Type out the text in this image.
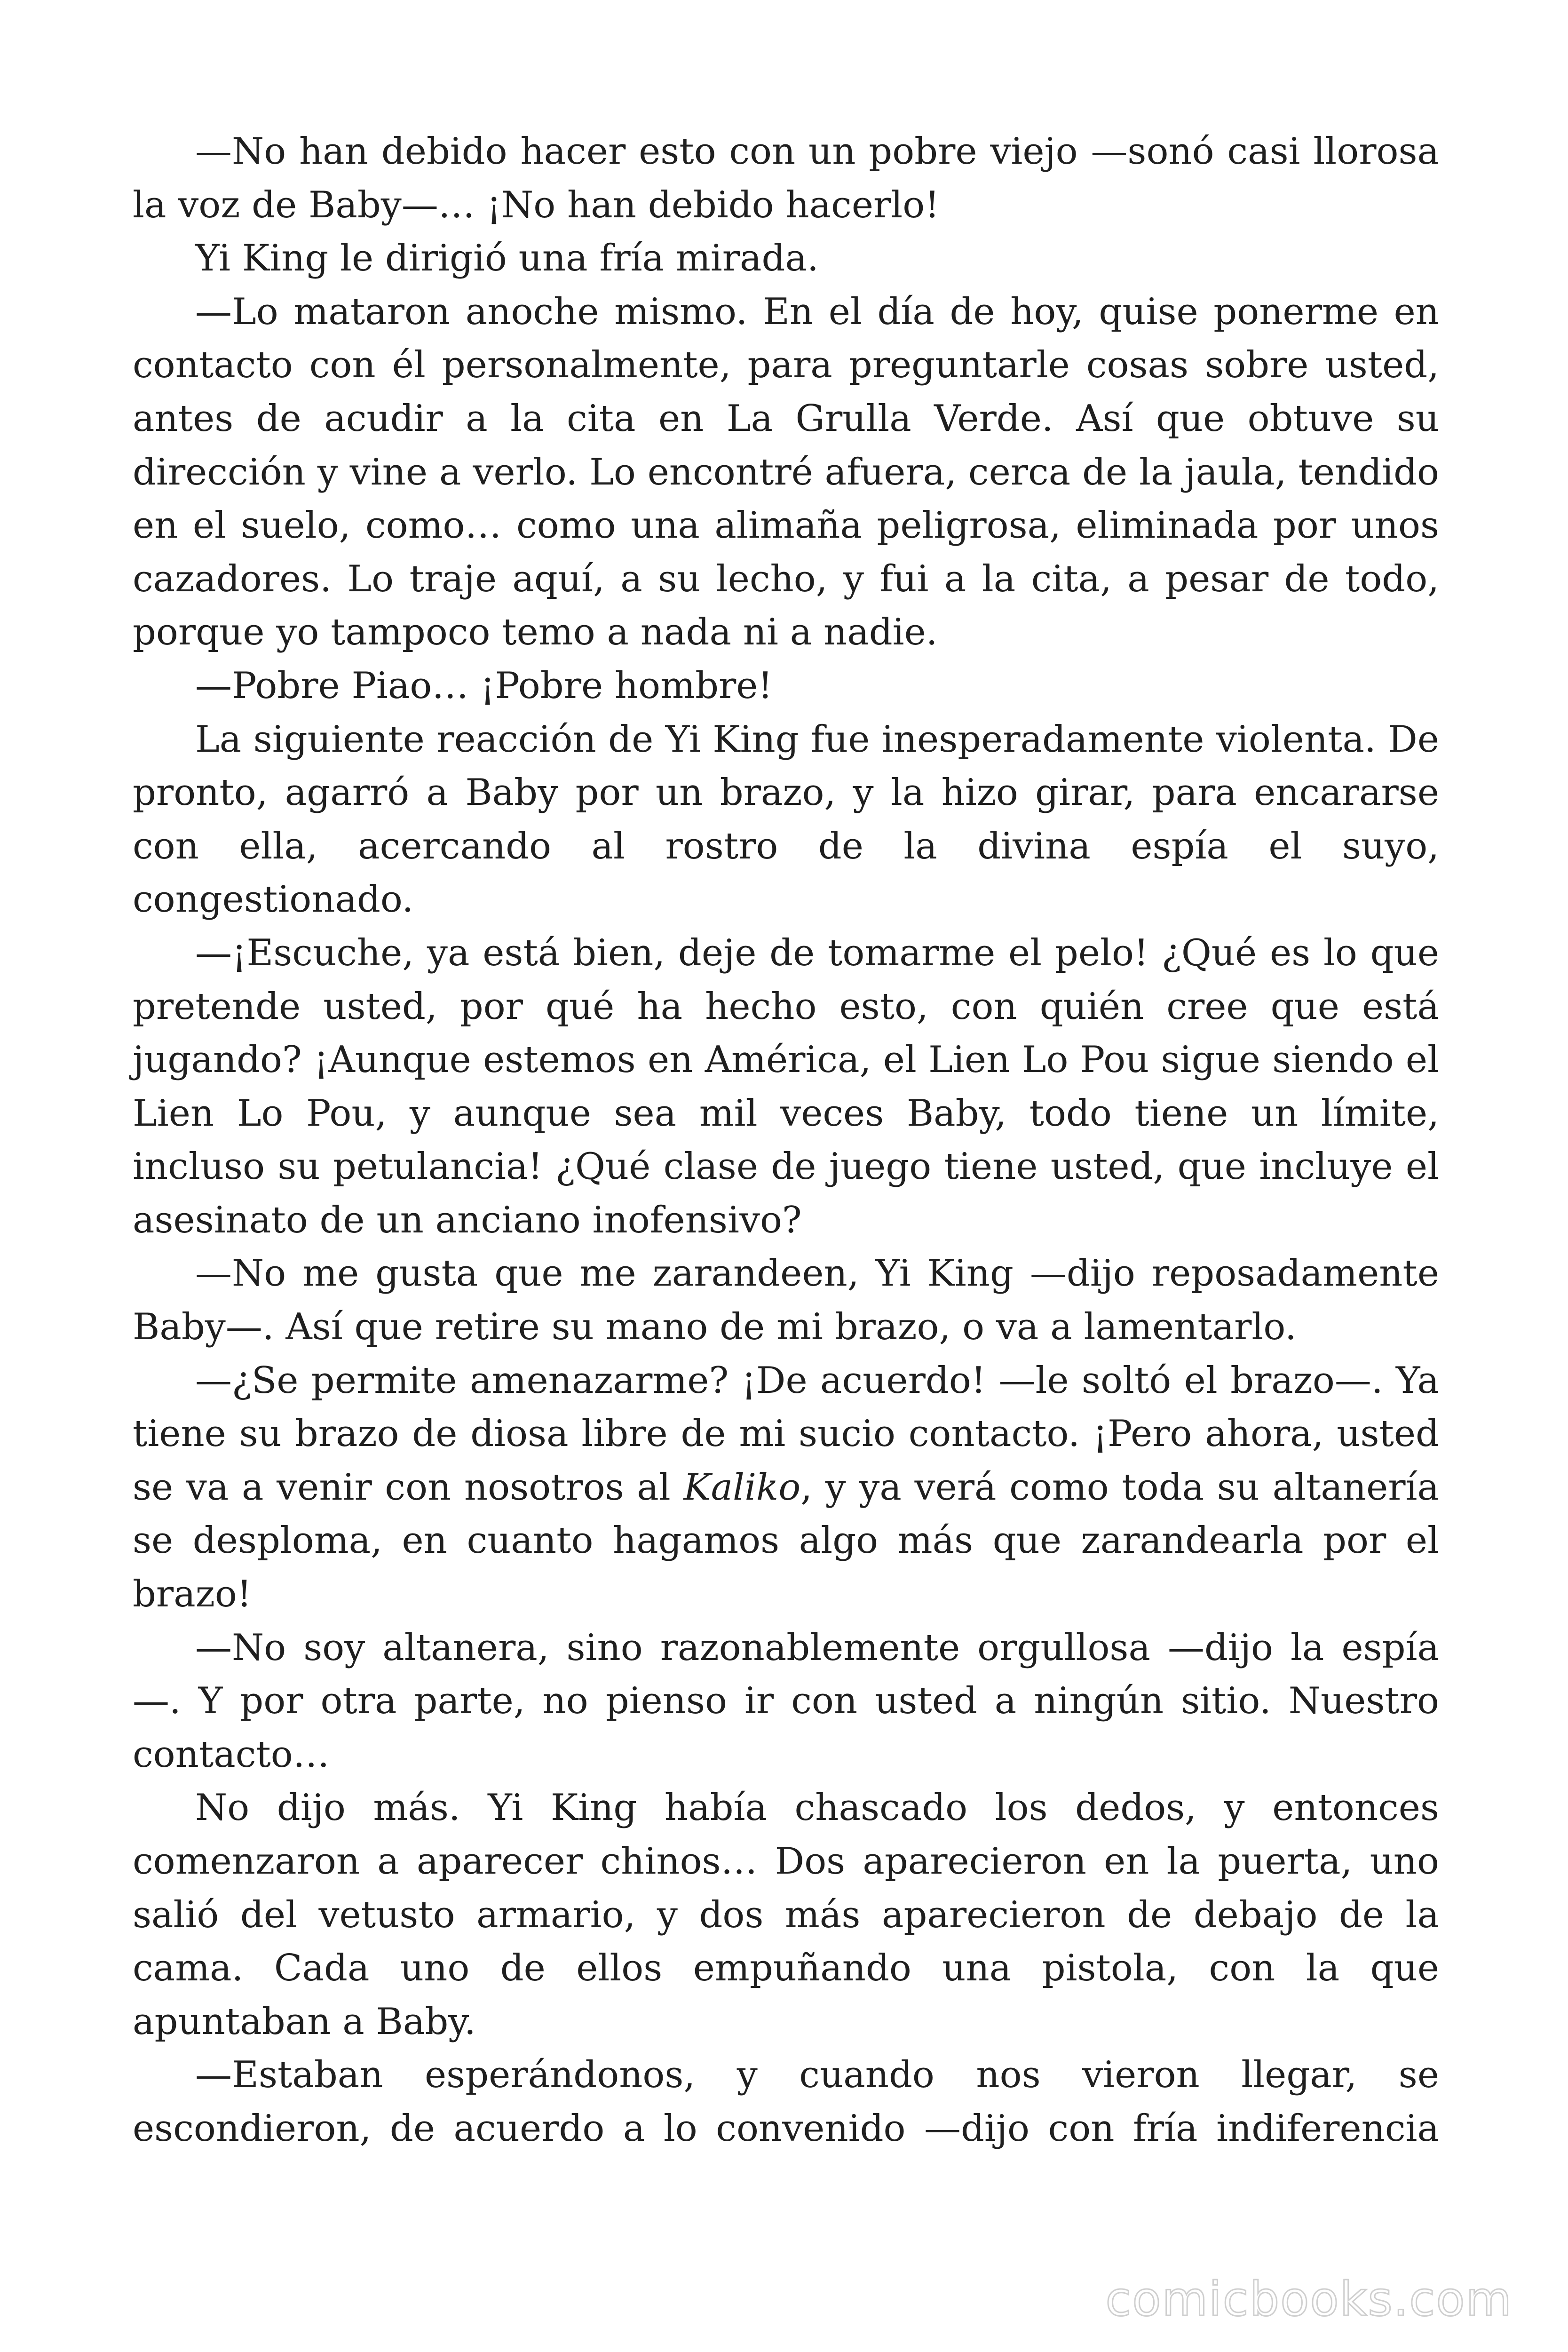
—No han debido hacer esto con un pobre viejo —sonó casi llorosa la voz de Baby—… ¡No han debido hacerlo!

Yi King le dirigió una fría mirada.

—Lo mataron anoche mismo. En el día de hoy, quise ponerme en contacto con él personalmente, para preguntarle cosas sobre usted, antes de acudir a la cita en La Grulla Verde. Así que obtuve su dirección y vine a verlo. Lo encontré afuera, cerca de la jaula, tendido en el suelo, como… como una alimaña peligrosa, eliminada por unos cazadores. Lo traje aquí, a su lecho, y fui a la cita, a pesar de todo, porque yo tampoco temo a nada ni a nadie.

—Pobre Piao… ¡Pobre hombre!

La siguiente reacción de Yi King fue inesperadamente violenta. De pronto, agarró a Baby por un brazo, y la hizo girar, para encararse con ella, acercando al rostro de la divina espía el suyo, congestionado.

—¡Escuche, ya está bien, deje de tomarme el pelo! ¿Qué es lo que pretende usted, por qué ha hecho esto, con quién cree que está jugando? ¡Aunque estemos en América, el Lien Lo Pou sigue siendo el Lien Lo Pou, y aunque sea mil veces Baby, todo tiene un límite, incluso su petulancia! ¿Qué clase de juego tiene usted, que incluye el asesinato de un anciano inofensivo?

—No me gusta que me zarandeen, Yi King —dijo reposadamente Baby—. Así que retire su mano de mi brazo, o va a lamentarlo.

—¿Se permite amenazarme? ¡De acuerdo! —le soltó el brazo—. Ya tiene su brazo de diosa libre de mi sucio contacto. ¡Pero ahora, usted se va a venir con nosotros al Kaliko, y ya verá como toda su altanería se desploma, en cuanto hagamos algo más que zarandearla por el brazo!

—No soy altanera, sino razonablemente orgullosa —dijo la espía —. Y por otra parte, no pienso ir con usted a ningún sitio. Nuestro contacto…

No dijo más. Yi King había chascado los dedos, y entonces comenzaron a aparecer chinos… Dos aparecieron en la puerta, uno salió del vetusto armario, y dos más aparecieron de debajo de la cama. Cada uno de ellos empuñando una pistola, con la que apuntaban a Baby.

—Estaban esperándonos, y cuando nos vieron llegar, se escondieron, de acuerdo a lo convenido —dijo con fría indiferencia

comicbooks.com
